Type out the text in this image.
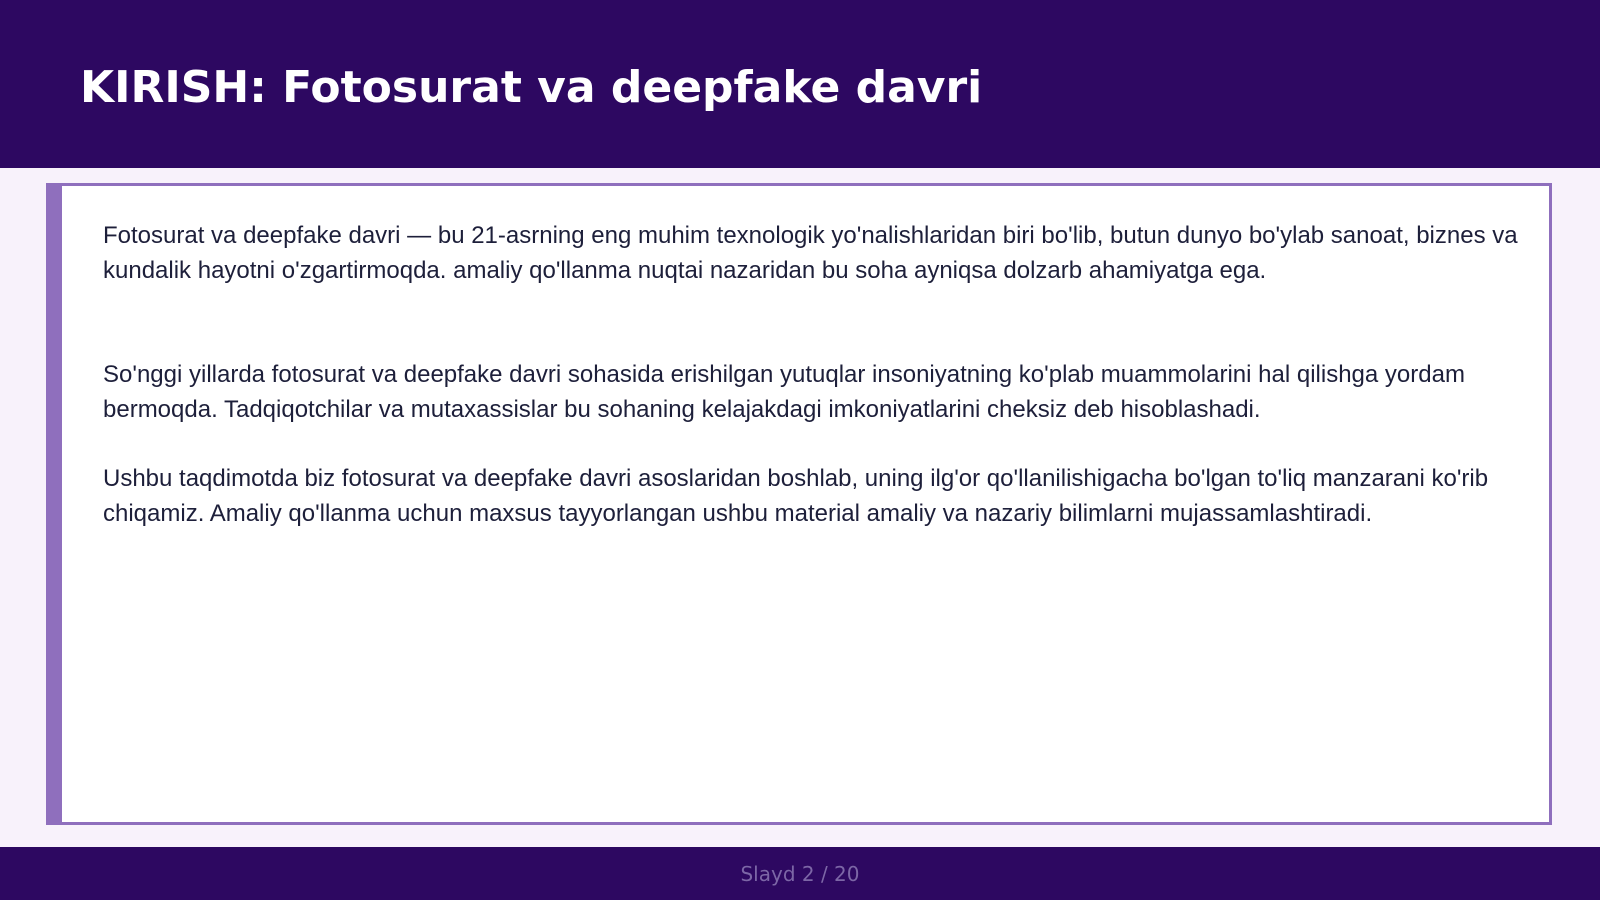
KIRISH: Fotosurat va deepfake davri

Fotosurat va deepfake davri — bu 21-asrning eng muhim texnologik yo'nalishlaridan biri bo'lib, butun dunyo bo'ylab sanoat, biznes va kundalik hayotni o'zgartirmoqda. amaliy qo'llanma nuqtai nazaridan bu soha ayniqsa dolzarb ahamiyatga ega.

So'nggi yillarda fotosurat va deepfake davri sohasida erishilgan yutuqlar insoniyatning ko'plab muammolarini hal qilishga yordam bermoqda. Tadqiqotchilar va mutaxassislar bu sohaning kelajakdagi imkoniyatlarini cheksiz deb hisoblashadi.

Ushbu taqdimotda biz fotosurat va deepfake davri asoslaridan boshlab, uning ilg'or qo'llanilishigacha bo'lgan to'liq manzarani ko'rib chiqamiz. Amaliy qo'llanma uchun maxsus tayyorlangan ushbu material amaliy va nazariy bilimlarni mujassamlashtiradi.

Slayd 2 / 20
